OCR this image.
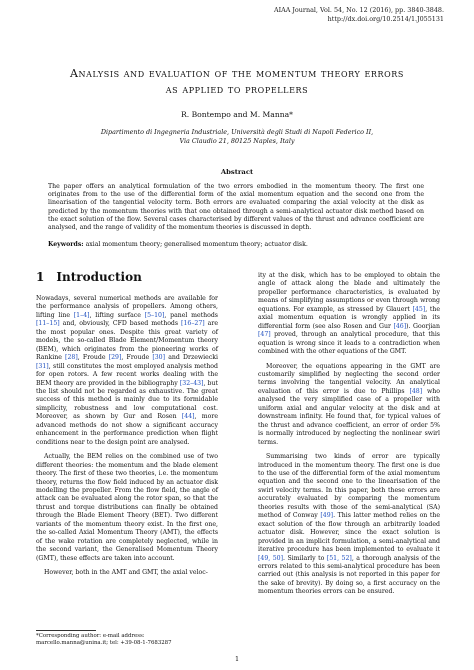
AIAA Journal, Vol. 54, No. 12 (2016), pp. 3840-3848.
http://dx.doi.org/10.2514/1.J055131
Analysis and evaluation of the momentum theory errors
as applied to propellers
R. Bontempo and M. Manna*
Dipartimento di Ingegneria Industriale, Università degli Studi di Napoli Federico II,
Via Claudio 21, 80125 Naples, Italy
Abstract
The paper offers an analytical formulation of the two errors embodied in the momentum theory. The first one originates from to the use of the differential form of the axial momentum equation and the second one from the linearisation of the tangential velocity term. Both errors are evaluated comparing the axial velocity at the disk as predicted by the momentum theories with that one obtained through a semi-analytical actuator disk method based on the exact solution of the flow. Several cases characterised by different values of the thrust and advance coefficient are analysed, and the range of validity of the momentum theories is discussed in depth.
Keywords: axial momentum theory; generalised momentum theory; actuator disk.
1 Introduction

Nowadays, several numerical methods are available for the performance analysis of propellers. Among others, lifting line [1–4], lifting surface [5–10], panel methods [11–15] and, obviously, CFD based methods [16–27] are the most popular ones. Despite this great variety of models, the so-called Blade Element/Momentum theory (BEM), which originates from the pioneering works of Rankine [28], Froude [29], Froude [30] and Drzewiecki [31], still constitutes the most employed analysis method for open rotors. A few recent works dealing with the BEM theory are provided in the bibliography [32–43], but the list should not be regarded as exhaustive. The great success of this method is mainly due to its formidable simplicity, robustness and low computational cost. Moreover, as shown by Gur and Rosen [44], more advanced methods do not show a significant accuracy enhancement in the performance prediction when flight conditions near to the design point are analysed.

Actually, the BEM relies on the combined use of two different theories: the momentum and the blade element theory. The first of these two theories, i.e. the momentum theory, returns the flow field induced by an actuator disk modelling the propeller. From the flow field, the angle of attack can be evaluated along the rotor span, so that the thrust and torque distributions can finally be obtained through the Blade Element Theory (BET). Two different variants of the momentum theory exist. In the first one, the so-called Axial Momentum Theory (AMT), the effects of the wake rotation are completely neglected, while in the second variant, the Generalised Momentum Theory (GMT), these effects are taken into account.

However, both in the AMT and GMT, the axial veloc-

ity at the disk, which has to be employed to obtain the angle of attack along the blade and ultimately the propeller performance characteristics, is evaluated by means of simplifying assumptions or even through wrong equations. For example, as stressed by Glauert [45], the axial momentum equation is wrongly applied in its differential form (see also Rosen and Gur [46]). Goorjian [47] proved, through an analytical procedure, that this equation is wrong since it leads to a contradiction when combined with the other equations of the GMT.

Moreover, the equations appearing in the GMT are customarily simplified by neglecting the second order terms involving the tangential velocity. An analytical evaluation of this error is due to Phillips [48] who analysed the very simplified case of a propeller with uniform axial and angular velocity at the disk and at downstream infinity. He found that, for typical values of the thrust and advance coefficient, an error of order 5% is normally introduced by neglecting the nonlinear swirl terms.

Summarising two kinds of error are typically introduced in the momentum theory. The first one is due to the use of the differential form of the axial momentum equation and the second one to the linearisation of the swirl velocity terms. In this paper, both these errors are accurately evaluated by comparing the momentum theories results with those of the semi-analytical (SA) method of Conway [49]. This latter method relies on the exact solution of the flow through an arbitrarily loaded actuator disk. However, since the exact solution is provided in an implicit formulation, a semi-analytical and iterative procedure has been implemented to evaluate it [49, 50]. Similarly to [51, 52], a thorough analysis of the errors related to this semi-analytical procedure has been carried out (this analysis is not reported in this paper for the sake of brevity). By doing so, a first accuracy on the momentum theories errors can be ensured.

*Corresponding author: e-mail address: marcello.manna@unina.it; tel: +39-08-1-7683287
1
